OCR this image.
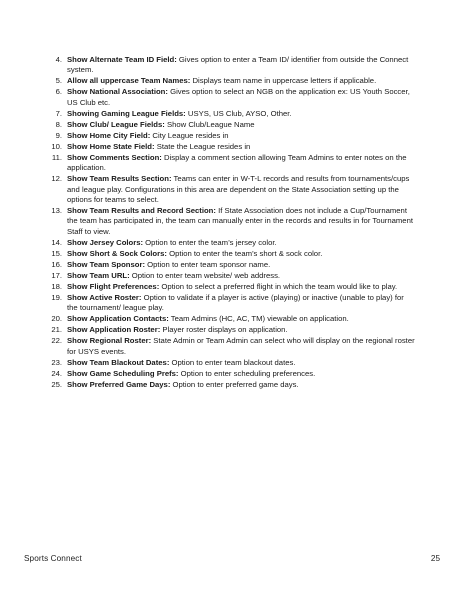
4. Show Alternate Team ID Field: Gives option to enter a Team ID/ identifier from outside the Connect system.
5. Allow all uppercase Team Names: Displays team name in uppercase letters if applicable.
6. Show National Association: Gives option to select an NGB on the application ex: US Youth Soccer, US Club etc.
7. Showing Gaming League Fields: USYS, US Club, AYSO, Other.
8. Show Club/ League Fields: Show Club/League Name
9. Show Home City Field: City League resides in
10. Show Home State Field: State the League resides in
11. Show Comments Section: Display a comment section allowing Team Admins to enter notes on the application.
12. Show Team Results Section: Teams can enter in W-T-L records and results from tournaments/cups and league play. Configurations in this area are dependent on the State Association setting up the options for teams to select.
13. Show Team Results and Record Section: If State Association does not include a Cup/Tournament the team has participated in, the team can manually enter in the records and results in for Tournament Staff to view.
14. Show Jersey Colors: Option to enter the team’s jersey color.
15. Show Short & Sock Colors: Option to enter the team’s short & sock color.
16. Show Team Sponsor: Option to enter team sponsor name.
17. Show Team URL: Option to enter team website/ web address.
18. Show Flight Preferences: Option to select a preferred flight in which the team would like to play.
19. Show Active Roster: Option to validate if a player is active (playing) or inactive (unable to play) for the tournament/ league play.
20. Show Application Contacts: Team Admins (HC, AC, TM) viewable on application.
21. Show Application Roster: Player roster displays on application.
22. Show Regional Roster: State Admin or Team Admin can select who will display on the regional roster for USYS events.
23. Show Team Blackout Dates: Option to enter team blackout dates.
24. Show Game Scheduling Prefs: Option to enter scheduling preferences.
25. Show Preferred Game Days: Option to enter preferred game days.
Sports Connect	25
